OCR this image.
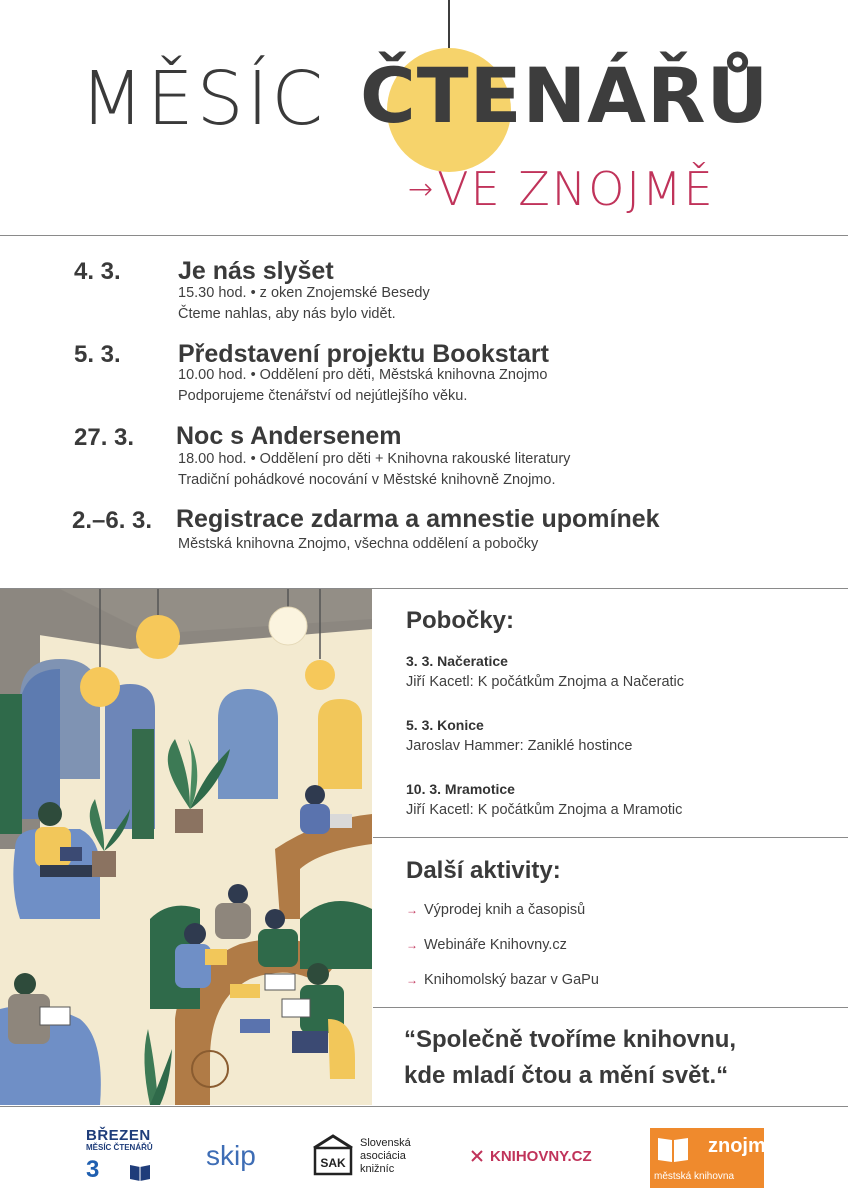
MĚSÍC ČTENÁŘŮ
→VE ZNOJMĚ
4. 3. Je nás slyšet
15.30 hod. • z oken Znojemské Besedy
Čteme nahlas, aby nás bylo vidět.
5. 3. Představení projektu Bookstart
10.00 hod. • Oddělení pro děti, Městská knihovna Znojmo
Podporujeme čtenářství od nejútlejšího věku.
27. 3. Noc s Andersenem
18.00 hod. • Oddělení pro děti + Knihovna rakouské literatury
Tradiční pohádkové nocování v Městské knihovně Znojmo.
2.–6. 3. Registrace zdarma a amnestie upomínek
Městská knihovna Znojmo, všechna oddělení a pobočky
Pobočky:
3. 3. Načeratice
Jiří Kacetl: K počátkům Znojma a Načeratic
5. 3. Konice
Jaroslav Hammer: Zaniklé hostince
10. 3. Mramotice
Jiří Kacetl: K počátkům Znojma a Mramotic
Další aktivity:
→ Výprodej knih a časopisů
→ Webináře Knihovny.cz
→ Knihomolský bazar v GaPu
“Společně tvoříme knihovnu,
kde mladí čtou a mění svět.“
BŘEZEN
MĚSÍC ČTENÁŘŮ
3	skip	SAK
Slovenská
asociácia
knižníc
KNIHOVNY.CZ	znojmo
městská knihovna
